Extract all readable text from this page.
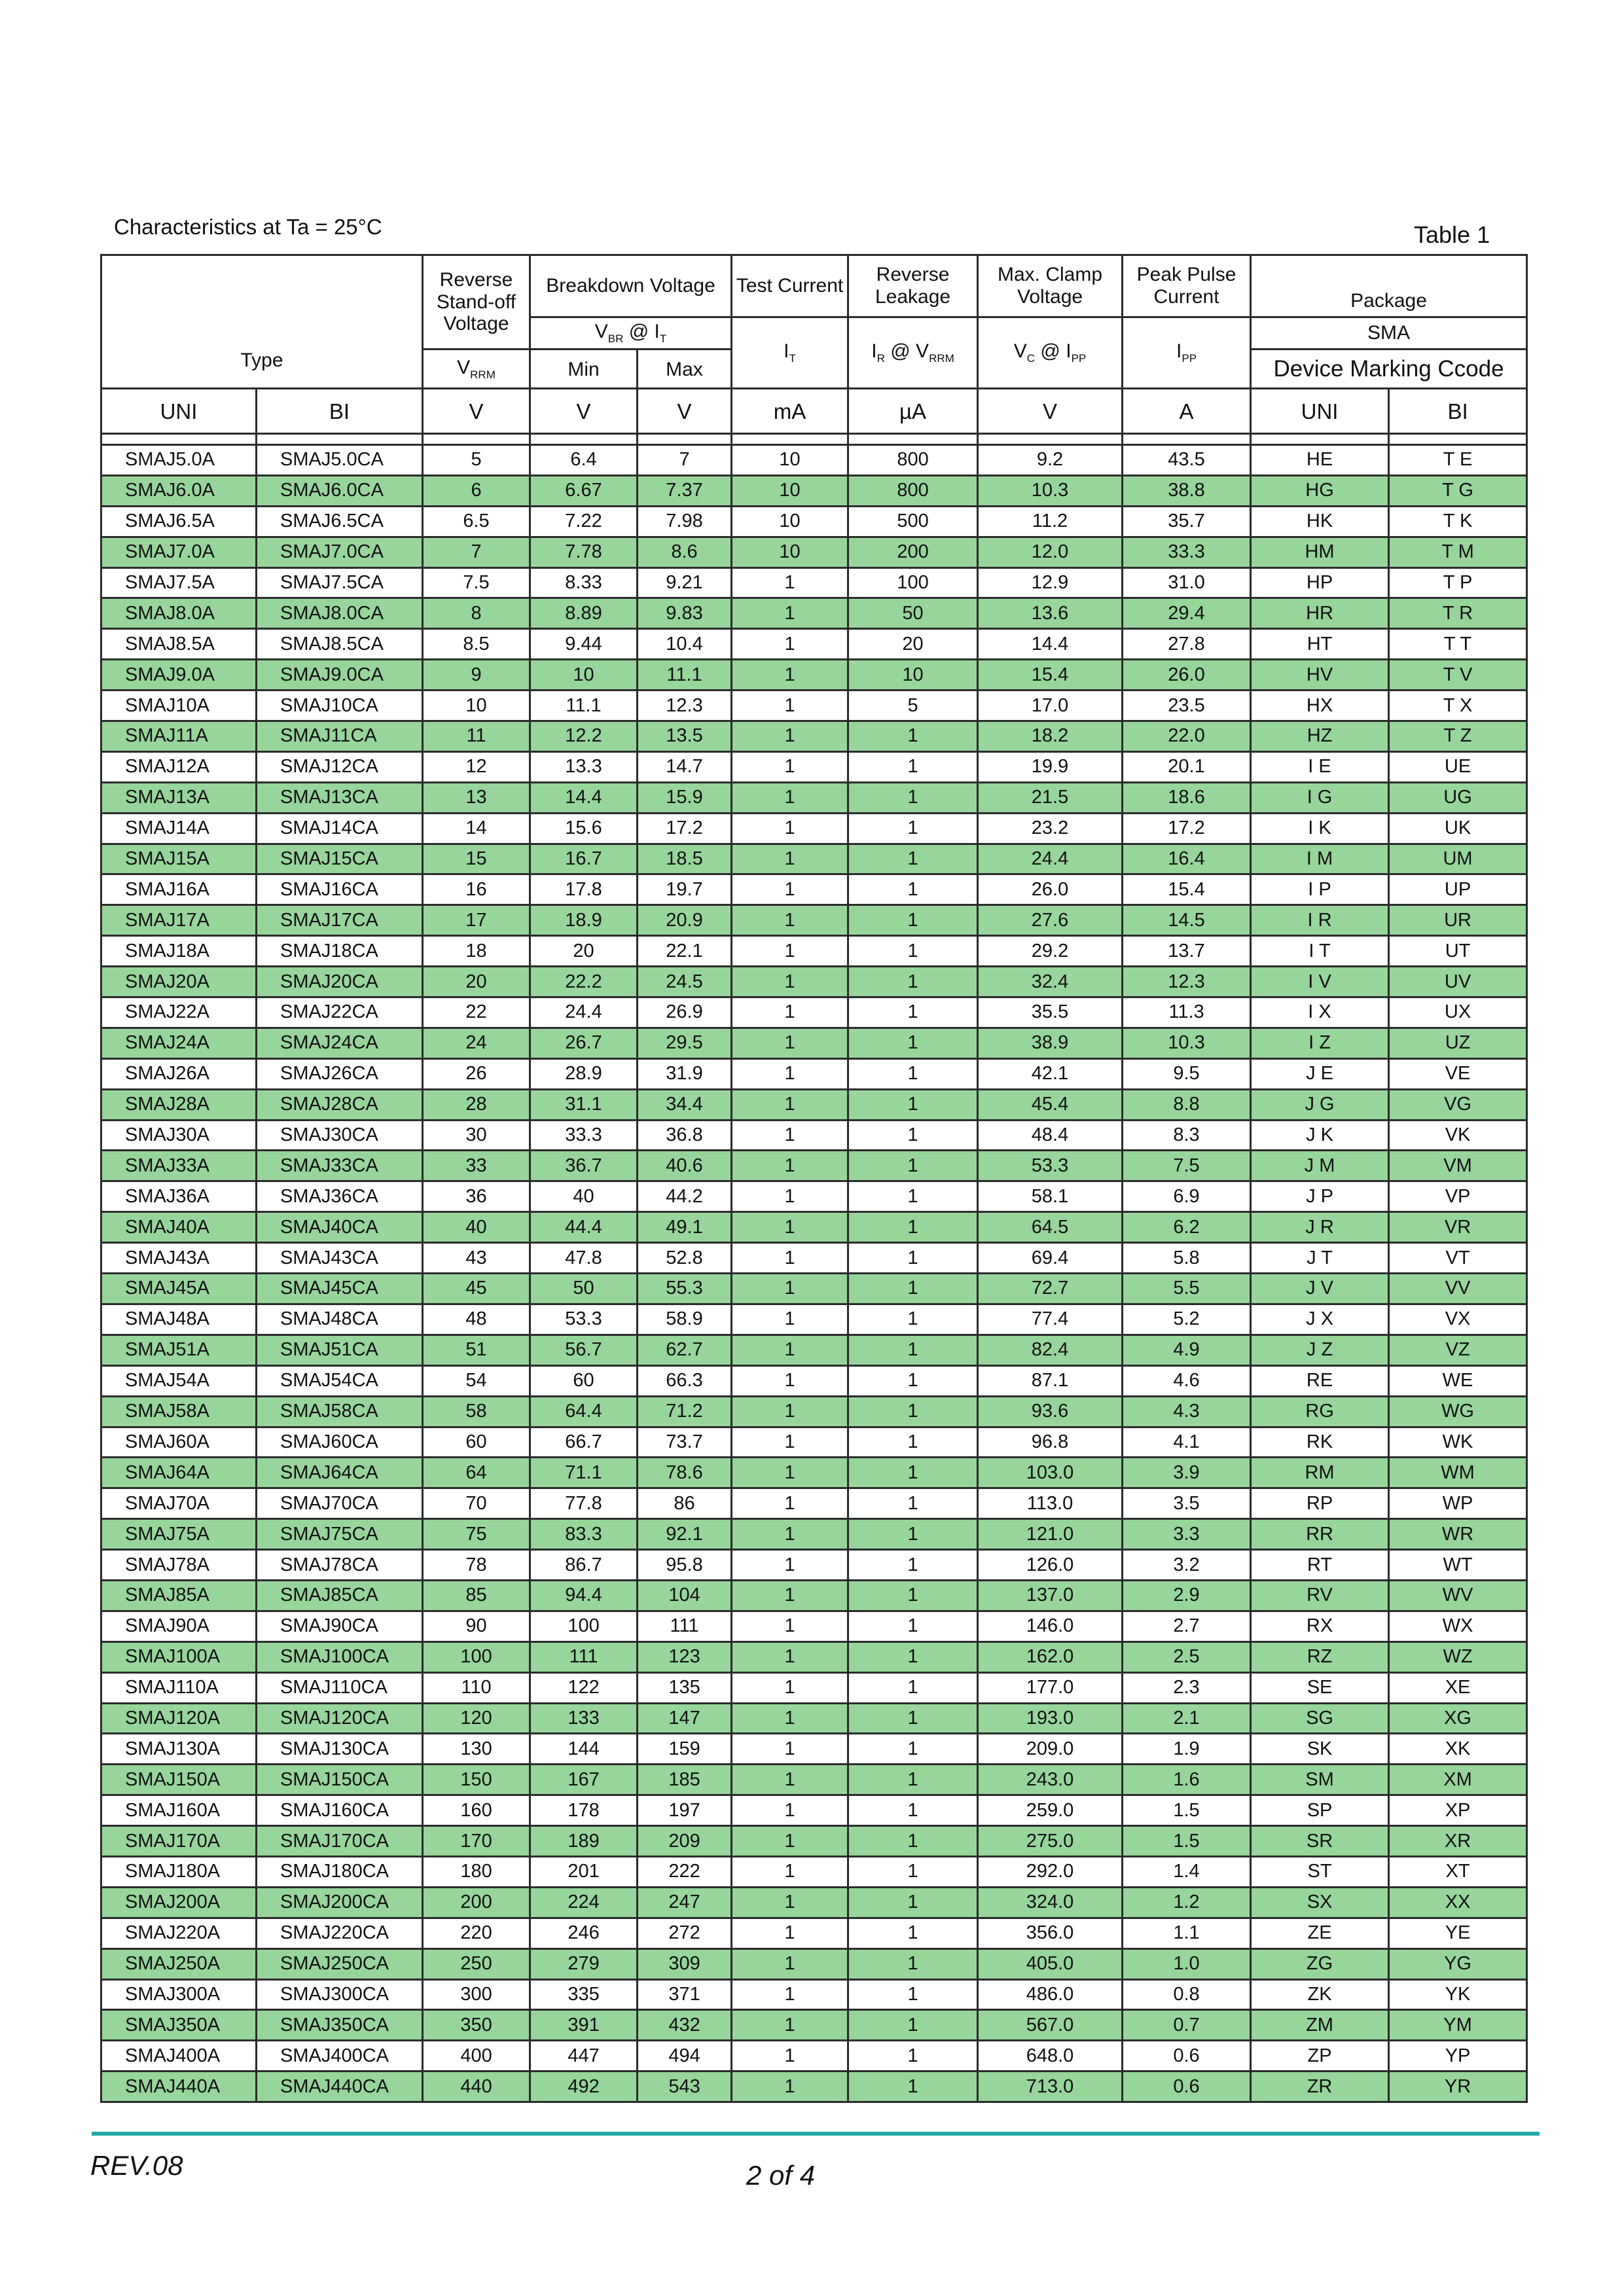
Characteristics at Ta = 25°C	Table 1
Type		Reverse Stand-off Voltage	Breakdown Voltage		Test Current	Reverse Leakage	Max. Clamp Voltage	Peak Pulse Current	Package	
			$V_{BR}$ @ $I_T$		$I_T$	$I_R$ @ $V_{RRM}$	$V_C$ @ $I_{PP}$	$I_{PP}$	SMA	
		$V_{RRM}$							Device Marking Ccode	
			Min	Max						
UNI	BI	V	V	V	mA	µA	V	A	UNI	BI

SMAJ5.0A	SMAJ5.0CA	5	6.4	7	10	800	9.2	43.5	HE	T E
SMAJ6.0A	SMAJ6.0CA	6	6.67	7.37	10	800	10.3	38.8	HG	T G
SMAJ6.5A	SMAJ6.5CA	6.5	7.22	7.98	10	500	11.2	35.7	HK	T K
SMAJ7.0A	SMAJ7.0CA	7	7.78	8.6	10	200	12.0	33.3	HM	T M
SMAJ7.5A	SMAJ7.5CA	7.5	8.33	9.21	1	100	12.9	31.0	HP	T P
SMAJ8.0A	SMAJ8.0CA	8	8.89	9.83	1	50	13.6	29.4	HR	T R
SMAJ8.5A	SMAJ8.5CA	8.5	9.44	10.4	1	20	14.4	27.8	HT	T T
SMAJ9.0A	SMAJ9.0CA	9	10	11.1	1	10	15.4	26.0	HV	T V
SMAJ10A	SMAJ10CA	10	11.1	12.3	1	5	17.0	23.5	HX	T X
SMAJ11A	SMAJ11CA	11	12.2	13.5	1	1	18.2	22.0	HZ	T Z
SMAJ12A	SMAJ12CA	12	13.3	14.7	1	1	19.9	20.1	I E	UE
SMAJ13A	SMAJ13CA	13	14.4	15.9	1	1	21.5	18.6	I G	UG
SMAJ14A	SMAJ14CA	14	15.6	17.2	1	1	23.2	17.2	I K	UK
SMAJ15A	SMAJ15CA	15	16.7	18.5	1	1	24.4	16.4	I M	UM
SMAJ16A	SMAJ16CA	16	17.8	19.7	1	1	26.0	15.4	I P	UP
SMAJ17A	SMAJ17CA	17	18.9	20.9	1	1	27.6	14.5	I R	UR
SMAJ18A	SMAJ18CA	18	20	22.1	1	1	29.2	13.7	I T	UT
SMAJ20A	SMAJ20CA	20	22.2	24.5	1	1	32.4	12.3	I V	UV
SMAJ22A	SMAJ22CA	22	24.4	26.9	1	1	35.5	11.3	I X	UX
SMAJ24A	SMAJ24CA	24	26.7	29.5	1	1	38.9	10.3	I Z	UZ
SMAJ26A	SMAJ26CA	26	28.9	31.9	1	1	42.1	9.5	J E	VE
SMAJ28A	SMAJ28CA	28	31.1	34.4	1	1	45.4	8.8	J G	VG
SMAJ30A	SMAJ30CA	30	33.3	36.8	1	1	48.4	8.3	J K	VK
SMAJ33A	SMAJ33CA	33	36.7	40.6	1	1	53.3	7.5	J M	VM
SMAJ36A	SMAJ36CA	36	40	44.2	1	1	58.1	6.9	J P	VP
SMAJ40A	SMAJ40CA	40	44.4	49.1	1	1	64.5	6.2	J R	VR
SMAJ43A	SMAJ43CA	43	47.8	52.8	1	1	69.4	5.8	J T	VT
SMAJ45A	SMAJ45CA	45	50	55.3	1	1	72.7	5.5	J V	VV
SMAJ48A	SMAJ48CA	48	53.3	58.9	1	1	77.4	5.2	J X	VX
SMAJ51A	SMAJ51CA	51	56.7	62.7	1	1	82.4	4.9	J Z	VZ
SMAJ54A	SMAJ54CA	54	60	66.3	1	1	87.1	4.6	RE	WE
SMAJ58A	SMAJ58CA	58	64.4	71.2	1	1	93.6	4.3	RG	WG
SMAJ60A	SMAJ60CA	60	66.7	73.7	1	1	96.8	4.1	RK	WK
SMAJ64A	SMAJ64CA	64	71.1	78.6	1	1	103.0	3.9	RM	WM
SMAJ70A	SMAJ70CA	70	77.8	86	1	1	113.0	3.5	RP	WP
SMAJ75A	SMAJ75CA	75	83.3	92.1	1	1	121.0	3.3	RR	WR
SMAJ78A	SMAJ78CA	78	86.7	95.8	1	1	126.0	3.2	RT	WT
SMAJ85A	SMAJ85CA	85	94.4	104	1	1	137.0	2.9	RV	WV
SMAJ90A	SMAJ90CA	90	100	111	1	1	146.0	2.7	RX	WX
SMAJ100A	SMAJ100CA	100	111	123	1	1	162.0	2.5	RZ	WZ
SMAJ110A	SMAJ110CA	110	122	135	1	1	177.0	2.3	SE	XE
SMAJ120A	SMAJ120CA	120	133	147	1	1	193.0	2.1	SG	XG
SMAJ130A	SMAJ130CA	130	144	159	1	1	209.0	1.9	SK	XK
SMAJ150A	SMAJ150CA	150	167	185	1	1	243.0	1.6	SM	XM
SMAJ160A	SMAJ160CA	160	178	197	1	1	259.0	1.5	SP	XP
SMAJ170A	SMAJ170CA	170	189	209	1	1	275.0	1.5	SR	XR
SMAJ180A	SMAJ180CA	180	201	222	1	1	292.0	1.4	ST	XT
SMAJ200A	SMAJ200CA	200	224	247	1	1	324.0	1.2	SX	XX
SMAJ220A	SMAJ220CA	220	246	272	1	1	356.0	1.1	ZE	YE
SMAJ250A	SMAJ250CA	250	279	309	1	1	405.0	1.0	ZG	YG
SMAJ300A	SMAJ300CA	300	335	371	1	1	486.0	0.8	ZK	YK
SMAJ350A	SMAJ350CA	350	391	432	1	1	567.0	0.7	ZM	YM
SMAJ400A	SMAJ400CA	400	447	494	1	1	648.0	0.6	ZP	YP
SMAJ440A	SMAJ440CA	440	492	543	1	1	713.0	0.6	ZR	YR
REV.08	2 of 4
